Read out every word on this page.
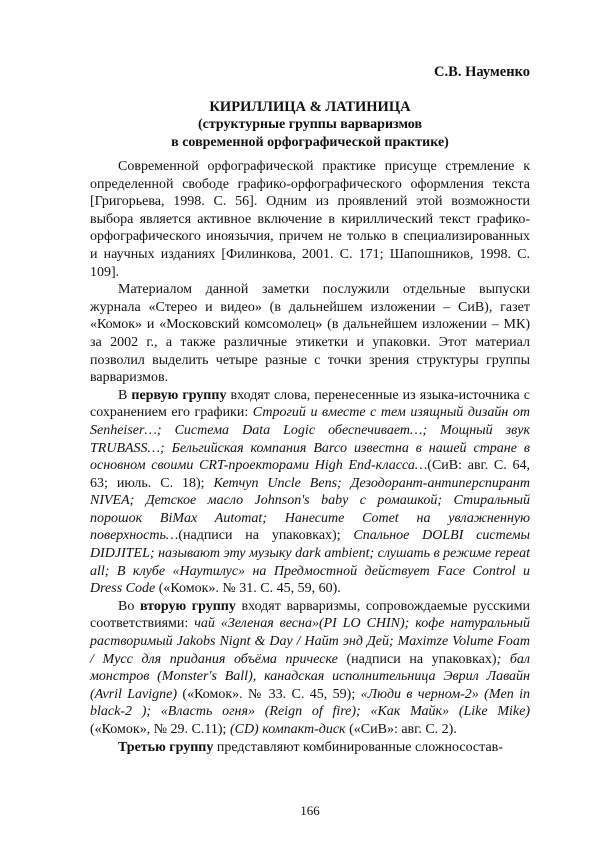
С.В. Науменко
КИРИЛЛИЦА & ЛАТИНИЦА
(структурные группы варваризмов
в современной орфографической практике)

Современной орфографической практике присуще стремление к определенной свободе графико-орфографического оформления текста [Григорьева, 1998. С. 56]. Одним из проявлений этой возможности выбора является активное включение в кириллический текст графико-орфографического иноязычия, причем не только в специализированных и научных изданиях [Филинкова, 2001. С. 171; Шапошников, 1998. С. 109].

Материалом данной заметки послужили отдельные выпуски журнала «Стерео и видео» (в дальнейшем изложении – СиВ), газет «Комок» и «Московский комсомолец» (в дальнейшем изложении – МК) за 2002 г., а также различные этикетки и упаковки. Этот материал позволил выделить четыре разные с точки зрения структуры группы варваризмов.

В первую группу входят слова, перенесенные из языка-источника с сохранением его графики: Строгий и вместе с тем изящный дизайн от Senheiser…; Система Data Logic обеспечивает…; Мощный звук TRUBASS…; Бельгийская компания Barco известна в нашей стране в основном своими CRT-проекторами High End-класса…(СиВ: авг. С. 64, 63; июль. С. 18); Кетчуп Uncle Bens; Дезодорант-антиперспирант NIVEA; Детское масло Johnson's baby с ромашкой; Стиральный порошок BiMax Automat; Нанесите Comet на увлажненную поверхность…(надписи на упаковках); Спальное DOLBI системы DIDJITEL; называют эту музыку dark ambient; слушать в режиме repeat all; В клубе «Наутилус» на Предмостной действует Face Control и Dress Code («Комок». № 31. С. 45, 59, 60).

Во вторую группу входят варваризмы, сопровождаемые русскими соответствиями: чай «Зеленая весна»(PI LO CHIN); кофе натуральный растворимый Jakobs Nignt & Day / Найт энд Дей; Maximze Volume Foam / Мусс для придания объёма прическе (надписи на упаковках); бал монстров (Monster's Ball), канадская исполнительница Эврил Лавайн (Avril Lavigne) («Комок». № 33. С. 45, 59); «Люди в черном-2» (Men in black-2 ); «Власть огня» (Reign of fire); «Как Майк» (Like Mike) («Комок», № 29. С.11); (CD) компакт-диск («СиВ»: авг. С. 2).

Третью группу представляют комбинированные сложносостав-

166
